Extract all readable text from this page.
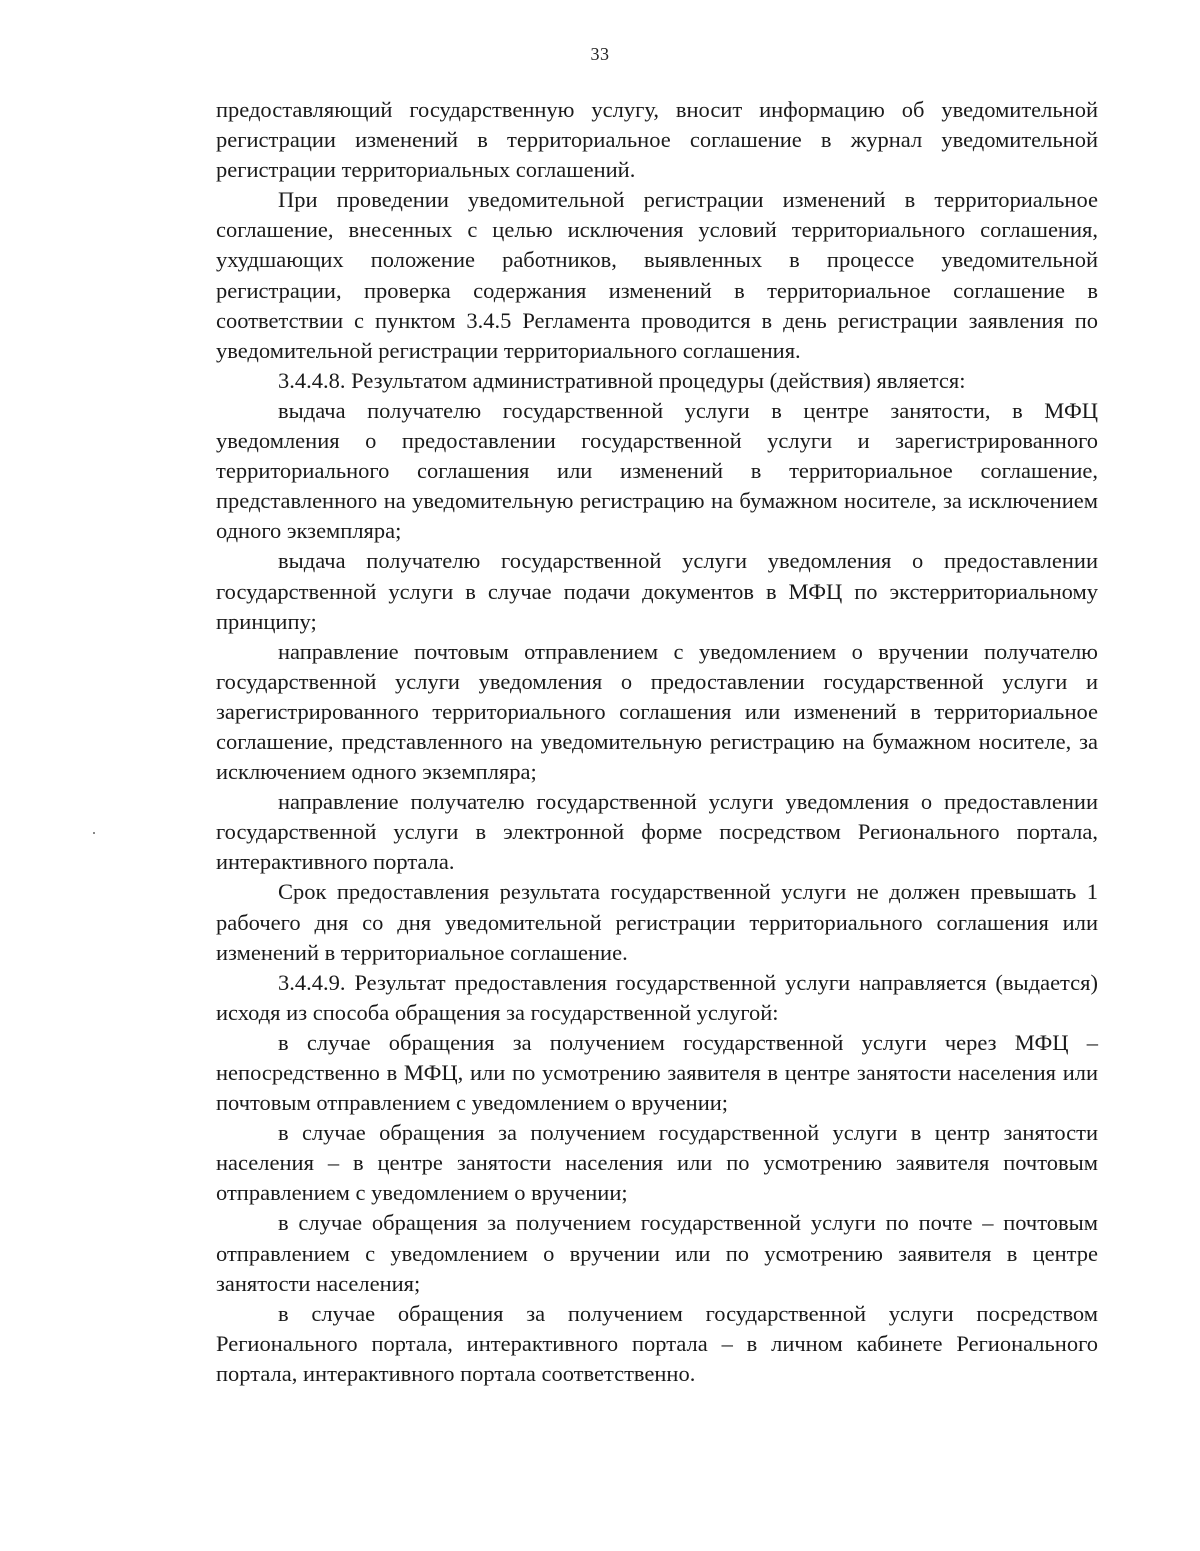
33

предоставляющий государственную услугу, вносит информацию об уведомительной регистрации изменений в территориальное соглашение в журнал уведомительной регистрации территориальных соглашений.

При проведении уведомительной регистрации изменений в территориальное соглашение, внесенных с целью исключения условий территориального соглашения, ухудшающих положение работников, выявленных в процессе уведомительной регистрации, проверка содержания изменений в территориальное соглашение в соответствии с пунктом 3.4.5 Регламента проводится в день регистрации заявления по уведомительной регистрации территориального соглашения.

3.4.4.8. Результатом административной процедуры (действия) является:

выдача получателю государственной услуги в центре занятости, в МФЦ уведомления о предоставлении государственной услуги и зарегистрированного территориального соглашения или изменений в территориальное соглашение, представленного на уведомительную регистрацию на бумажном носителе, за исключением одного экземпляра;

выдача получателю государственной услуги уведомления о предоставлении государственной услуги в случае подачи документов в МФЦ по экстерриториальному принципу;

направление почтовым отправлением с уведомлением о вручении получателю государственной услуги уведомления о предоставлении государственной услуги и зарегистрированного территориального соглашения или изменений в территориальное соглашение, представленного на уведомительную регистрацию на бумажном носителе, за исключением одного экземпляра;

направление получателю государственной услуги уведомления о предоставлении государственной услуги в электронной форме посредством Регионального портала, интерактивного портала.

Срок предоставления результата государственной услуги не должен превышать 1 рабочего дня со дня уведомительной регистрации территориального соглашения или изменений в территориальное соглашение.

3.4.4.9. Результат предоставления государственной услуги направляется (выдается) исходя из способа обращения за государственной услугой:

в случае обращения за получением государственной услуги через МФЦ – непосредственно в МФЦ, или по усмотрению заявителя в центре занятости населения или почтовым отправлением с уведомлением о вручении;

в случае обращения за получением государственной услуги в центр занятости населения – в центре занятости населения или по усмотрению заявителя почтовым отправлением с уведомлением о вручении;

в случае обращения за получением государственной услуги по почте – почтовым отправлением с уведомлением о вручении или по усмотрению заявителя в центре занятости населения;

в случае обращения за получением государственной услуги посредством Регионального портала, интерактивного портала – в личном кабинете Регионального портала, интерактивного портала соответственно.
